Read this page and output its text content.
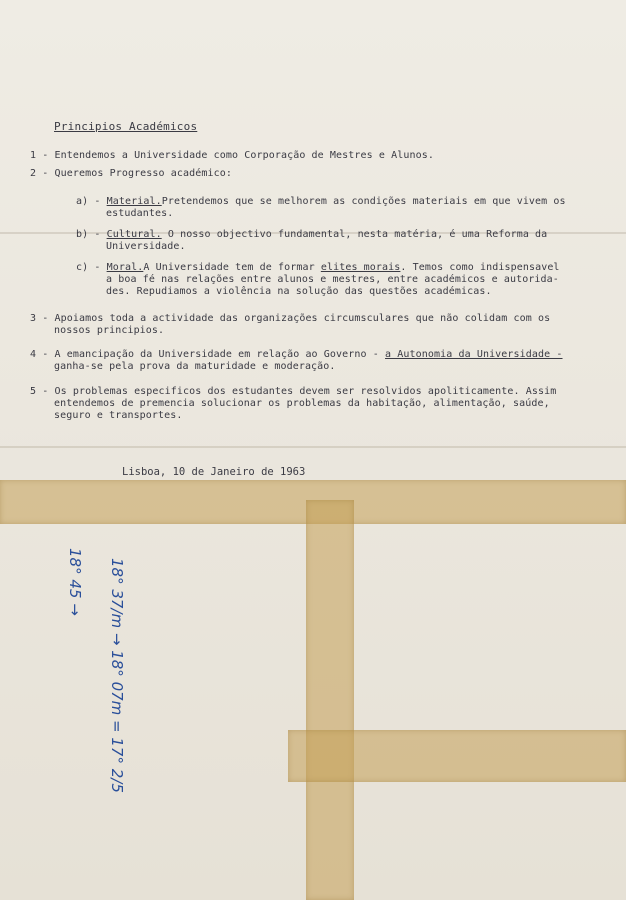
Principios Académicos
1 - Entendemos a Universidade como Corporação de Mestres e Alunos.
2 - Queremos Progresso académico:
a) - Material.Pretendemos que se melhorem as condições materiais em que vivem os
estudantes.
b) - Cultural. O nosso objectivo fundamental, nesta matéria, é uma Reforma da
Universidade.
c) - Moral.A Universidade tem de formar elites morais. Temos como indispensavel
a boa fé nas relações entre alunos e mestres, entre académicos e autorida-
des. Repudiamos a violência na solução das questões académicas.
3 - Apoiamos toda a actividade das organizações circumsculares que não colidam com os
nossos principios.
4 - A emancipação da Universidade em relação ao Governo - a Autonomia da Universidade -
ganha-se pela prova da maturidade e moderação.
5 - Os problemas especificos dos estudantes devem ser resolvidos apoliticamente. Assim
entendemos de premencia solucionar os problemas da habitação, alimentação, saúde,
seguro e transportes.
Lisboa, 10 de Janeiro de 1963
18° 45 → 18° 37/m → 18° 07m = 17° 2/5
